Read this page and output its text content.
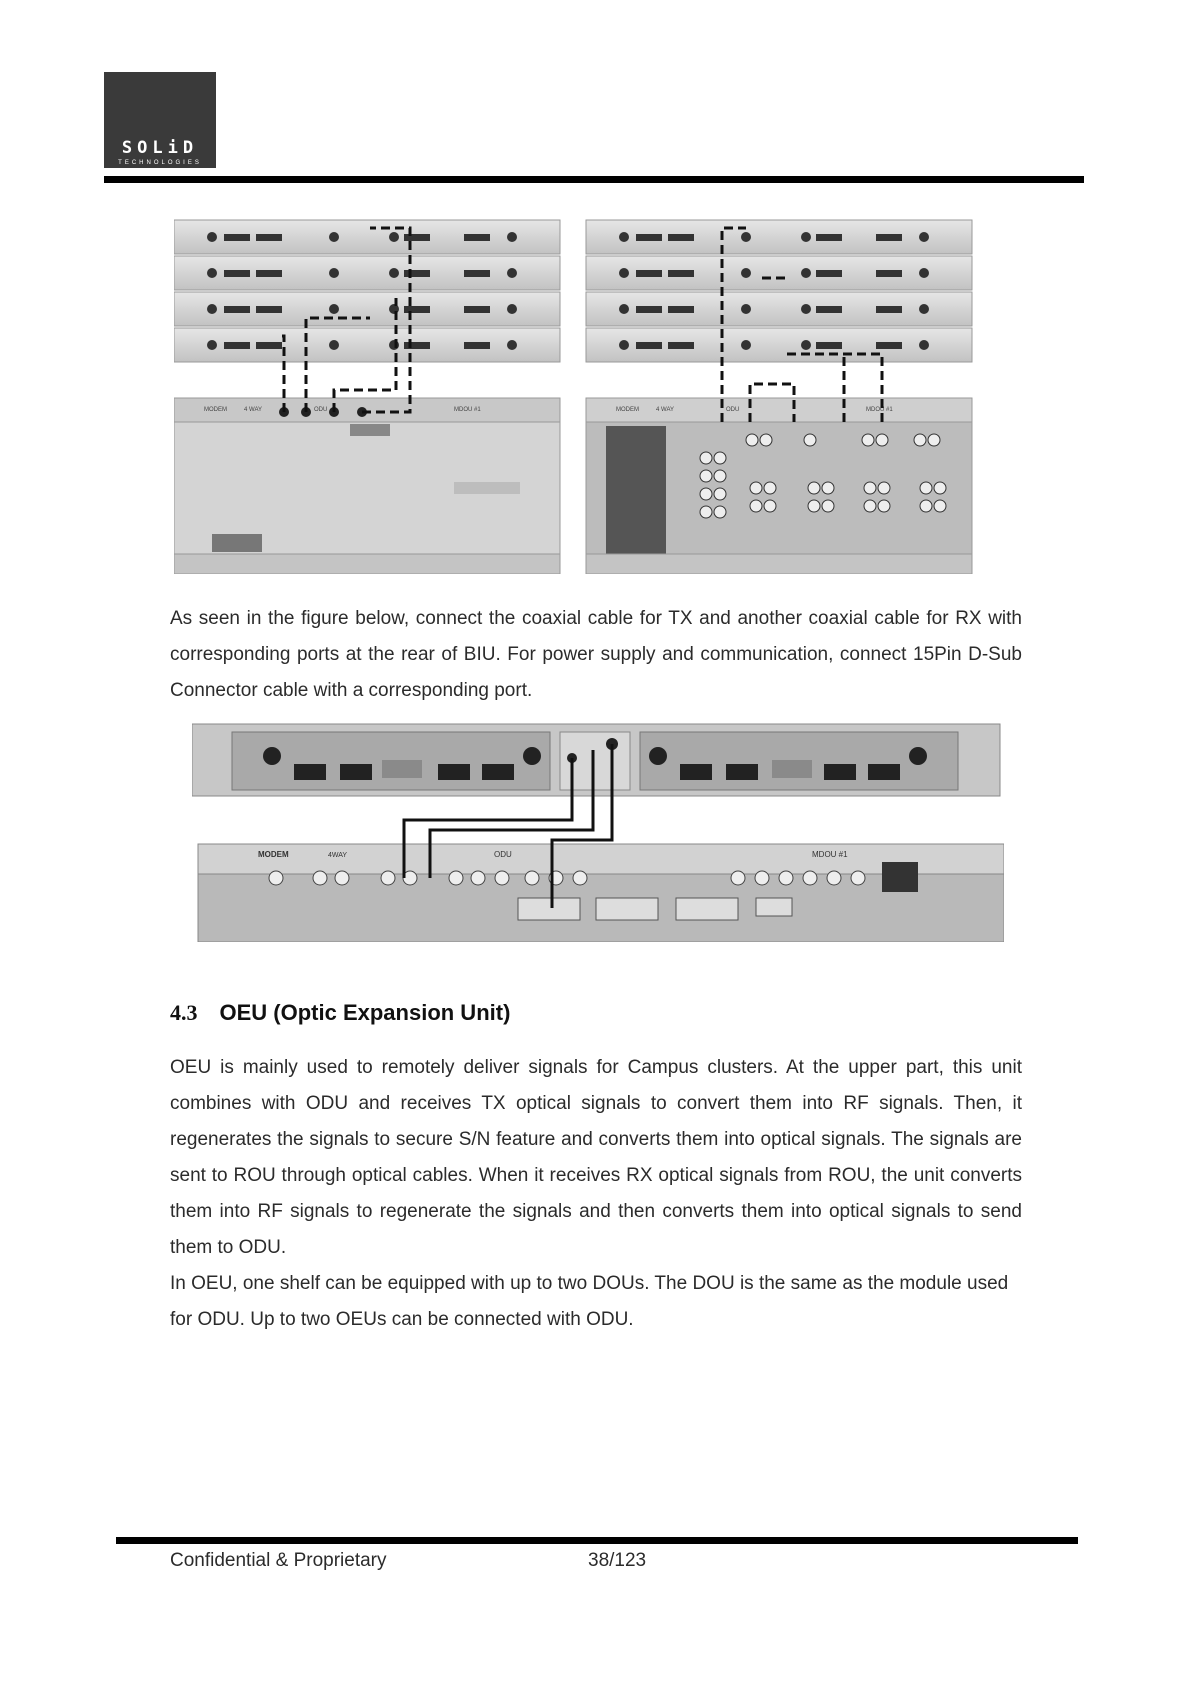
SOLiD
TECHNOLOGIES
MODEM	4 WAY	ODU	MDOU #1	MODEM	4 WAY	ODU	MDOU #1

As seen in the figure below, connect the coaxial cable for TX and another coaxial cable for RX with corresponding ports at the rear of BIU. For power supply and communication, connect 15Pin D-Sub Connector cable with a corresponding port.

MODEM	4WAY	ODU	MDOU #1
4.3 OEU (Optic Expansion Unit)

OEU is mainly used to remotely deliver signals for Campus clusters. At the upper part, this unit combines with ODU and receives TX optical signals to convert them into RF signals. Then, it regenerates the signals to secure S/N feature and converts them into optical signals. The signals are sent to ROU through optical cables. When it receives RX optical signals from ROU, the unit converts them into RF signals to regenerate the signals and then converts them into optical signals to send them to ODU.

In OEU, one shelf can be equipped with up to two DOUs. The DOU is the same as the module used for ODU. Up to two OEUs can be connected with ODU.

Confidential & Proprietary	38/123
